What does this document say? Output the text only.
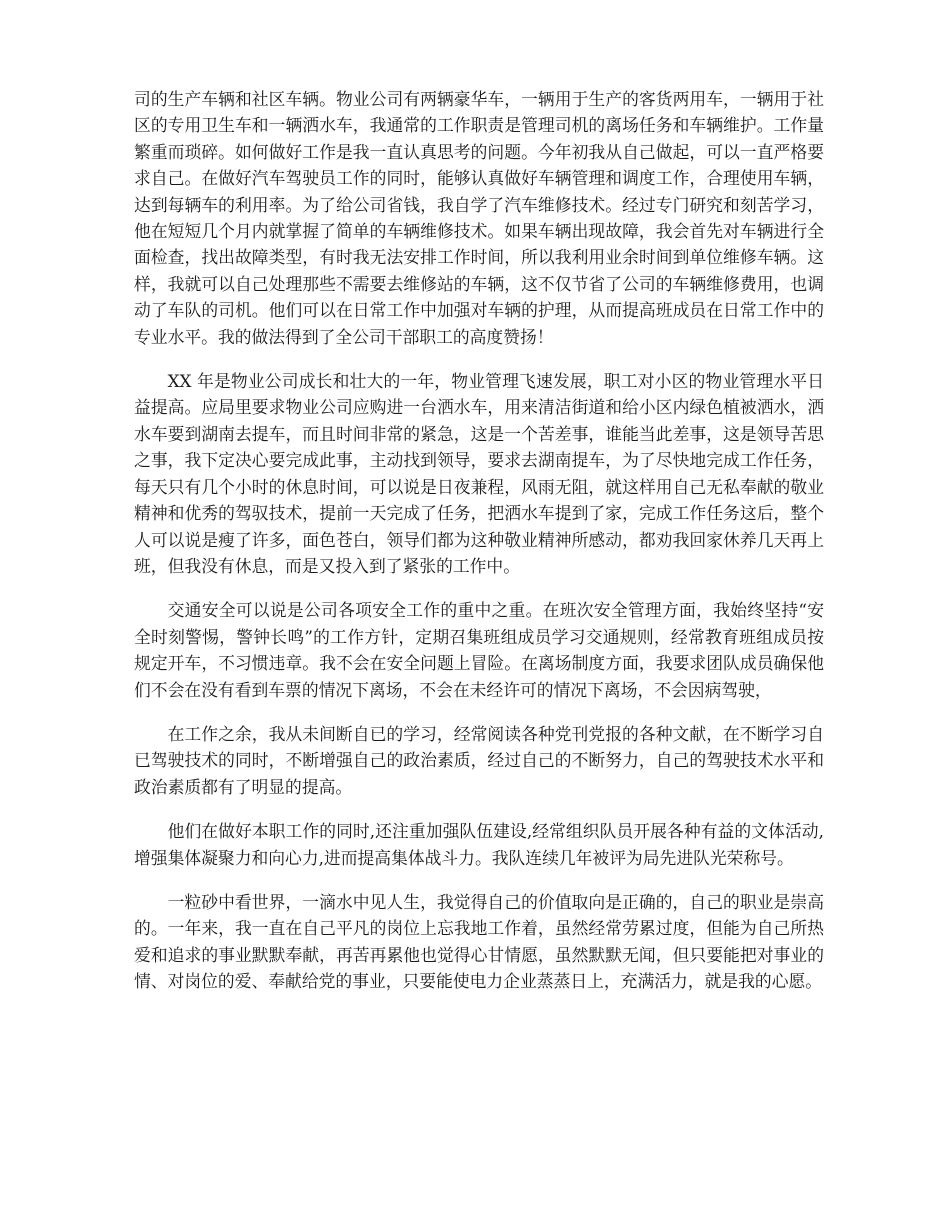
司的生产车辆和社区车辆。物业公司有两辆豪华车，一辆用于生产的客货两用车，一辆用于社区的专用卫生车和一辆洒水车，我通常的工作职责是管理司机的离场任务和车辆维护。工作量繁重而琐碎。如何做好工作是我一直认真思考的问题。今年初我从自己做起，可以一直严格要求自己。在做好汽车驾驶员工作的同时，能够认真做好车辆管理和调度工作，合理使用车辆，达到每辆车的利用率。为了给公司省钱，我自学了汽车维修技术。经过专门研究和刻苦学习，他在短短几个月内就掌握了简单的车辆维修技术。如果车辆出现故障，我会首先对车辆进行全面检查，找出故障类型，有时我无法安排工作时间，所以我利用业余时间到单位维修车辆。这样，我就可以自己处理那些不需要去维修站的车辆，这不仅节省了公司的车辆维修费用，也调动了车队的司机。他们可以在日常工作中加强对车辆的护理，从而提高班成员在日常工作中的专业水平。我的做法得到了全公司干部职工的高度赞扬！

XX 年是物业公司成长和壮大的一年，物业管理飞速发展，职工对小区的物业管理水平日益提高。应局里要求物业公司应购进一台洒水车，用来清洁街道和给小区内绿色植被洒水，洒水车要到湖南去提车，而且时间非常的紧急，这是一个苦差事，谁能当此差事，这是领导苦思之事，我下定决心要完成此事，主动找到领导，要求去湖南提车，为了尽快地完成工作任务，每天只有几个小时的休息时间，可以说是日夜兼程，风雨无阻，就这样用自己无私奉献的敬业精神和优秀的驾驭技术，提前一天完成了任务，把洒水车提到了家，完成工作任务这后，整个人可以说是瘦了许多，面色苍白，领导们都为这种敬业精神所感动，都劝我回家休养几天再上班，但我没有休息，而是又投入到了紧张的工作中。

交通安全可以说是公司各项安全工作的重中之重。在班次安全管理方面，我始终坚持“安全时刻警惕，警钟长鸣”的工作方针，定期召集班组成员学习交通规则，经常教育班组成员按规定开车，不习惯违章。我不会在安全问题上冒险。在离场制度方面，我要求团队成员确保他们不会在没有看到车票的情况下离场，不会在未经许可的情况下离场，不会因病驾驶，

在工作之余，我从未间断自已的学习，经常阅读各种党刊党报的各种文献，在不断学习自已驾驶技术的同时，不断增强自己的政治素质，经过自己的不断努力，自己的驾驶技术水平和政治素质都有了明显的提高。

他们在做好本职工作的同时,还注重加强队伍建设,经常组织队员开展各种有益的文体活动,增强集体凝聚力和向心力,进而提高集体战斗力。我队连续几年被评为局先进队光荣称号。

一粒砂中看世界，一滴水中见人生，我觉得自己的价值取向是正确的，自己的职业是崇高的。一年来，我一直在自己平凡的岗位上忘我地工作着，虽然经常劳累过度，但能为自己所热爱和追求的事业默默奉献，再苦再累他也觉得心甘情愿，虽然默默无闻，但只要能把对事业的情、对岗位的爱、奉献给党的事业，只要能使电力企业蒸蒸日上，充满活力，就是我的心愿。
